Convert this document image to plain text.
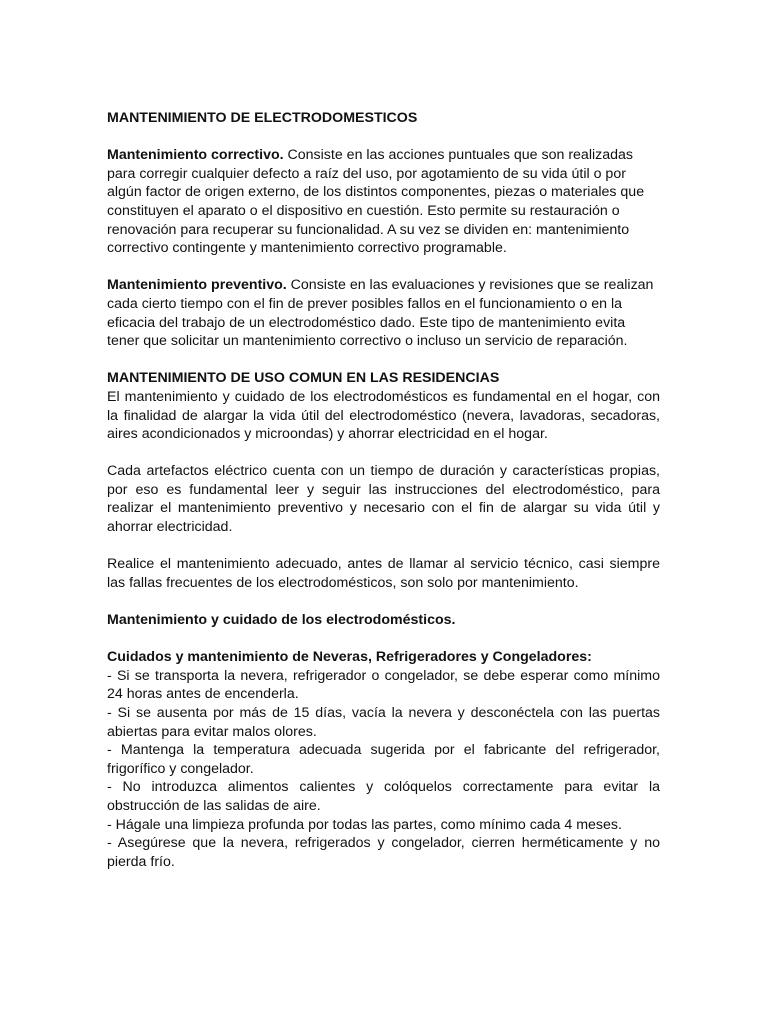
MANTENIMIENTO DE ELECTRODOMESTICOS

Mantenimiento correctivo. Consiste en las acciones puntuales que son realizadas para corregir cualquier defecto a raíz del uso, por agotamiento de su vida útil o por algún factor de origen externo, de los distintos componentes, piezas o materiales que constituyen el aparato o el dispositivo en cuestión. Esto permite su restauración o renovación para recuperar su funcionalidad. A su vez se dividen en: mantenimiento correctivo contingente y mantenimiento correctivo programable.

Mantenimiento preventivo. Consiste en las evaluaciones y revisiones que se realizan cada cierto tiempo con el fin de prever posibles fallos en el funcionamiento o en la eficacia del trabajo de un electrodoméstico dado. Este tipo de mantenimiento evita tener que solicitar un mantenimiento correctivo o incluso un servicio de reparación.

MANTENIMIENTO DE USO COMUN EN LAS RESIDENCIAS

El mantenimiento y cuidado de los electrodomésticos es fundamental en el hogar, con la finalidad de alargar la vida útil del electrodoméstico (nevera, lavadoras, secadoras, aires acondicionados y microondas) y ahorrar electricidad en el hogar.

Cada artefactos eléctrico cuenta con un tiempo de duración y características propias, por eso es fundamental leer y seguir las instrucciones del electrodoméstico, para realizar el mantenimiento preventivo y necesario con el fin de alargar su vida útil y ahorrar electricidad.

Realice el mantenimiento adecuado, antes de llamar al servicio técnico, casi siempre las fallas frecuentes de los electrodomésticos, son solo por mantenimiento.

Mantenimiento y cuidado de los electrodomésticos.

Cuidados y mantenimiento de Neveras, Refrigeradores y Congeladores:

- Si se transporta la nevera, refrigerador o congelador, se debe esperar como mínimo 24 horas antes de encenderla.
- Si se ausenta por más de 15 días, vacía la nevera y desconéctela con las puertas abiertas para evitar malos olores.
- Mantenga la temperatura adecuada sugerida por el fabricante del refrigerador, frigorífico y congelador.
- No introduzca alimentos calientes y colóquelos correctamente para evitar la obstrucción de las salidas de aire.
- Hágale una limpieza profunda por todas las partes, como mínimo cada 4 meses.
- Asegúrese que la nevera, refrigerados y congelador, cierren herméticamente y no pierda frío.
